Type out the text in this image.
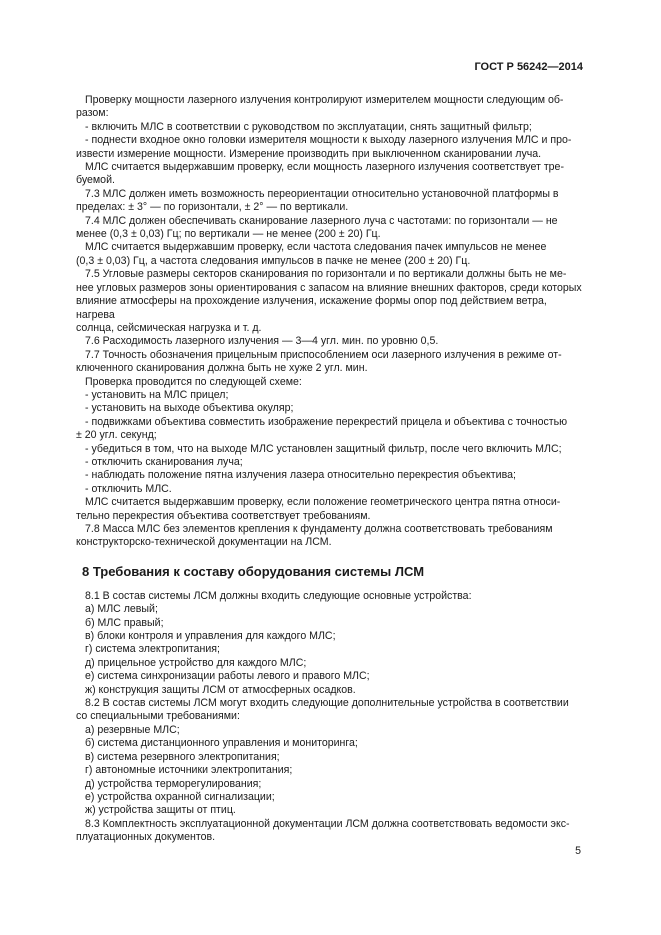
ГОСТ Р 56242—2014

Проверку мощности лазерного излучения контролируют измерителем мощности следующим об-

разом:

- включить МЛС в соответствии с руководством по эксплуатации, снять защитный фильтр;

- поднести входное окно головки измерителя мощности к выходу лазерного излучения МЛС и про-

извести измерение мощности. Измерение производить при выключенном сканировании луча.

МЛС считается выдержавшим проверку, если мощность лазерного излучения соответствует тре-

буемой.

7.3 МЛС должен иметь возможность переориентации относительно установочной платформы в

пределах: ± 3° — по горизонтали, ± 2° — по вертикали.

7.4 МЛС должен обеспечивать сканирование лазерного луча с частотами: по горизонтали — не

менее (0,3 ± 0,03) Гц; по вертикали — не менее (200 ± 20) Гц.

МЛС считается выдержавшим проверку, если частота следования пачек импульсов не менее

(0,3 ± 0,03) Гц, а частота следования импульсов в пачке не менее (200 ± 20) Гц.

7.5 Угловые размеры секторов сканирования по горизонтали и по вертикали должны быть не ме-

нее угловых размеров зоны ориентирования с запасом на влияние внешних факторов, среди которых

влияние атмосферы на прохождение излучения, искажение формы опор под действием ветра, нагрева

солнца, сейсмическая нагрузка и т. д.

7.6 Расходимость лазерного излучения — 3—4 угл. мин. по уровню 0,5.

7.7 Точность обозначения прицельным приспособлением оси лазерного излучения в режиме от-

ключенного сканирования должна быть не хуже 2 угл. мин.

Проверка проводится по следующей схеме:

- установить на МЛС прицел;

- установить на выходе объектива окуляр;

- подвижками объектива совместить изображение перекрестий прицела и объектива с точностью

± 20 угл. секунд;

- убедиться в том, что на выходе МЛС установлен защитный фильтр, после чего включить МЛС;

- отключить сканирования луча;

- наблюдать положение пятна излучения лазера относительно перекрестия объектива;

- отключить МЛС.

МЛС считается выдержавшим проверку, если положение геометрического центра пятна относи-

тельно перекрестия объектива соответствует требованиям.

7.8 Масса МЛС без элементов крепления к фундаменту должна соответствовать требованиям

конструкторско-технической документации на ЛСМ.

8 Требования к составу оборудования системы ЛСМ

8.1 В состав системы ЛСМ должны входить следующие основные устройства:

а) МЛС левый;

б) МЛС правый;

в) блоки контроля и управления для каждого МЛС;

г) система электропитания;

д) прицельное устройство для каждого МЛС;

е) система синхронизации работы левого и правого МЛС;

ж) конструкция защиты ЛСМ от атмосферных осадков.

8.2 В состав системы ЛСМ могут входить следующие дополнительные устройства в соответствии

со специальными требованиями:

а) резервные МЛС;

б) система дистанционного управления и мониторинга;

в) система резервного электропитания;

г) автономные источники электропитания;

д) устройства терморегулирования;

е) устройства охранной сигнализации;

ж) устройства защиты от птиц.

8.3 Комплектность эксплуатационной документации ЛСМ должна соответствовать ведомости экс-

плуатационных документов.

5
